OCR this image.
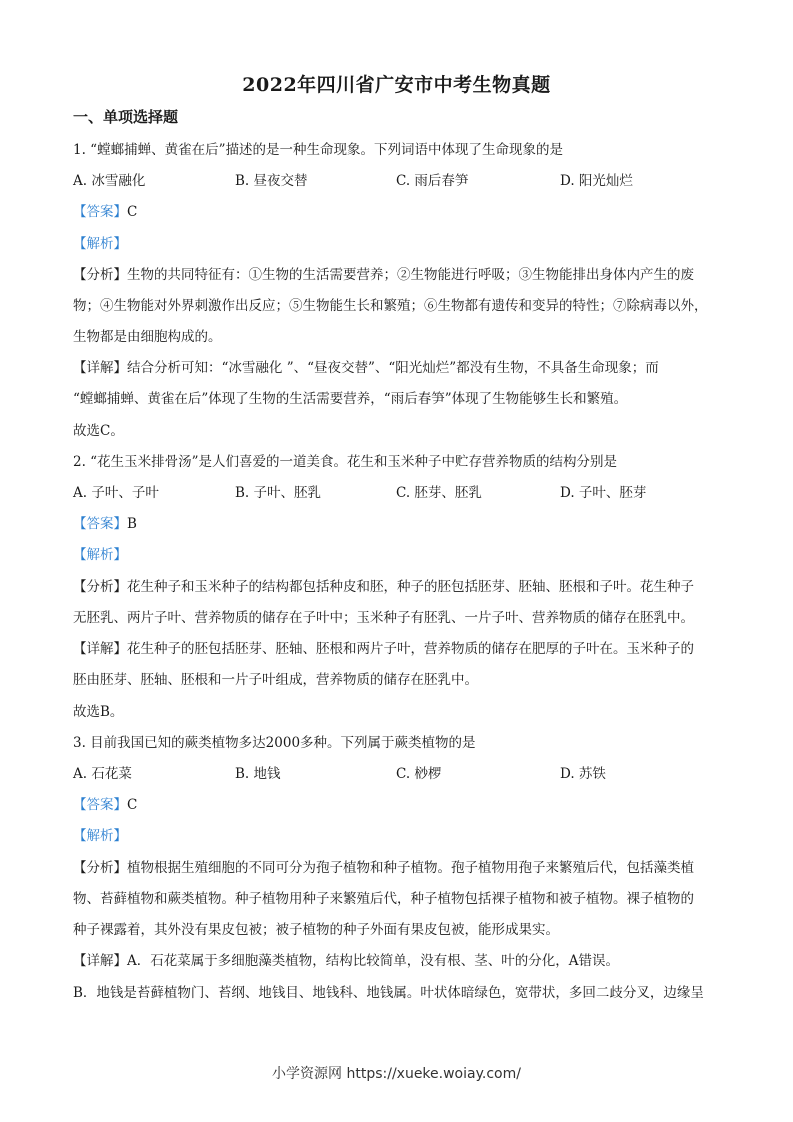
2022年四川省广安市中考生物真题
一、单项选择题
1. “螳螂捕蝉、黄雀在后”描述的是一种生命现象。下列词语中体现了生命现象的是
A. 冰雪融化	B. 昼夜交替	C. 雨后春笋	D. 阳光灿烂
【答案】C
【解析】
【分析】生物的共同特征有：①生物的生活需要营养；②生物能进行呼吸；③生物能排出身体内产生的废
物；④生物能对外界刺激作出反应；⑤生物能生长和繁殖；⑥生物都有遗传和变异的特性；⑦除病毒以外，
生物都是由细胞构成的。
【详解】结合分析可知：“冰雪融化 ”、“昼夜交替”、“阳光灿烂”都没有生物，不具备生命现象；而
“螳螂捕蝉、黄雀在后”体现了生物的生活需要营养，“雨后春笋”体现了生物能够生长和繁殖。
故选C。
2. “花生玉米排骨汤”是人们喜爱的一道美食。花生和玉米种子中贮存营养物质的结构分别是
A. 子叶、子叶	B. 子叶、胚乳	C. 胚芽、胚乳	D. 子叶、胚芽
【答案】B
【解析】
【分析】花生种子和玉米种子的结构都包括种皮和胚，种子的胚包括胚芽、胚轴、胚根和子叶。花生种子
无胚乳、两片子叶、营养物质的储存在子叶中；玉米种子有胚乳、一片子叶、营养物质的储存在胚乳中。
【详解】花生种子的胚包括胚芽、胚轴、胚根和两片子叶，营养物质的储存在肥厚的子叶在。玉米种子的
胚由胚芽、胚轴、胚根和一片子叶组成，营养物质的储存在胚乳中。
故选B。
3. 目前我国已知的蕨类植物多达2000多种。下列属于蕨类植物的是
A. 石花菜	B. 地钱	C. 桫椤	D. 苏铁
【答案】C
【解析】
【分析】植物根据生殖细胞的不同可分为孢子植物和种子植物。孢子植物用孢子来繁殖后代，包括藻类植
物、苔藓植物和蕨类植物。种子植物用种子来繁殖后代，种子植物包括裸子植物和被子植物。裸子植物的
种子裸露着，其外没有果皮包被；被子植物的种子外面有果皮包被，能形成果实。
【详解】A．石花菜属于多细胞藻类植物，结构比较简单，没有根、茎、叶的分化，A错误。
B．地钱是苔藓植物门、苔纲、地钱目、地钱科、地钱属。叶状体暗绿色，宽带状，多回二歧分叉，边缘呈
小学资源网 https://xueke.woiay.com/
